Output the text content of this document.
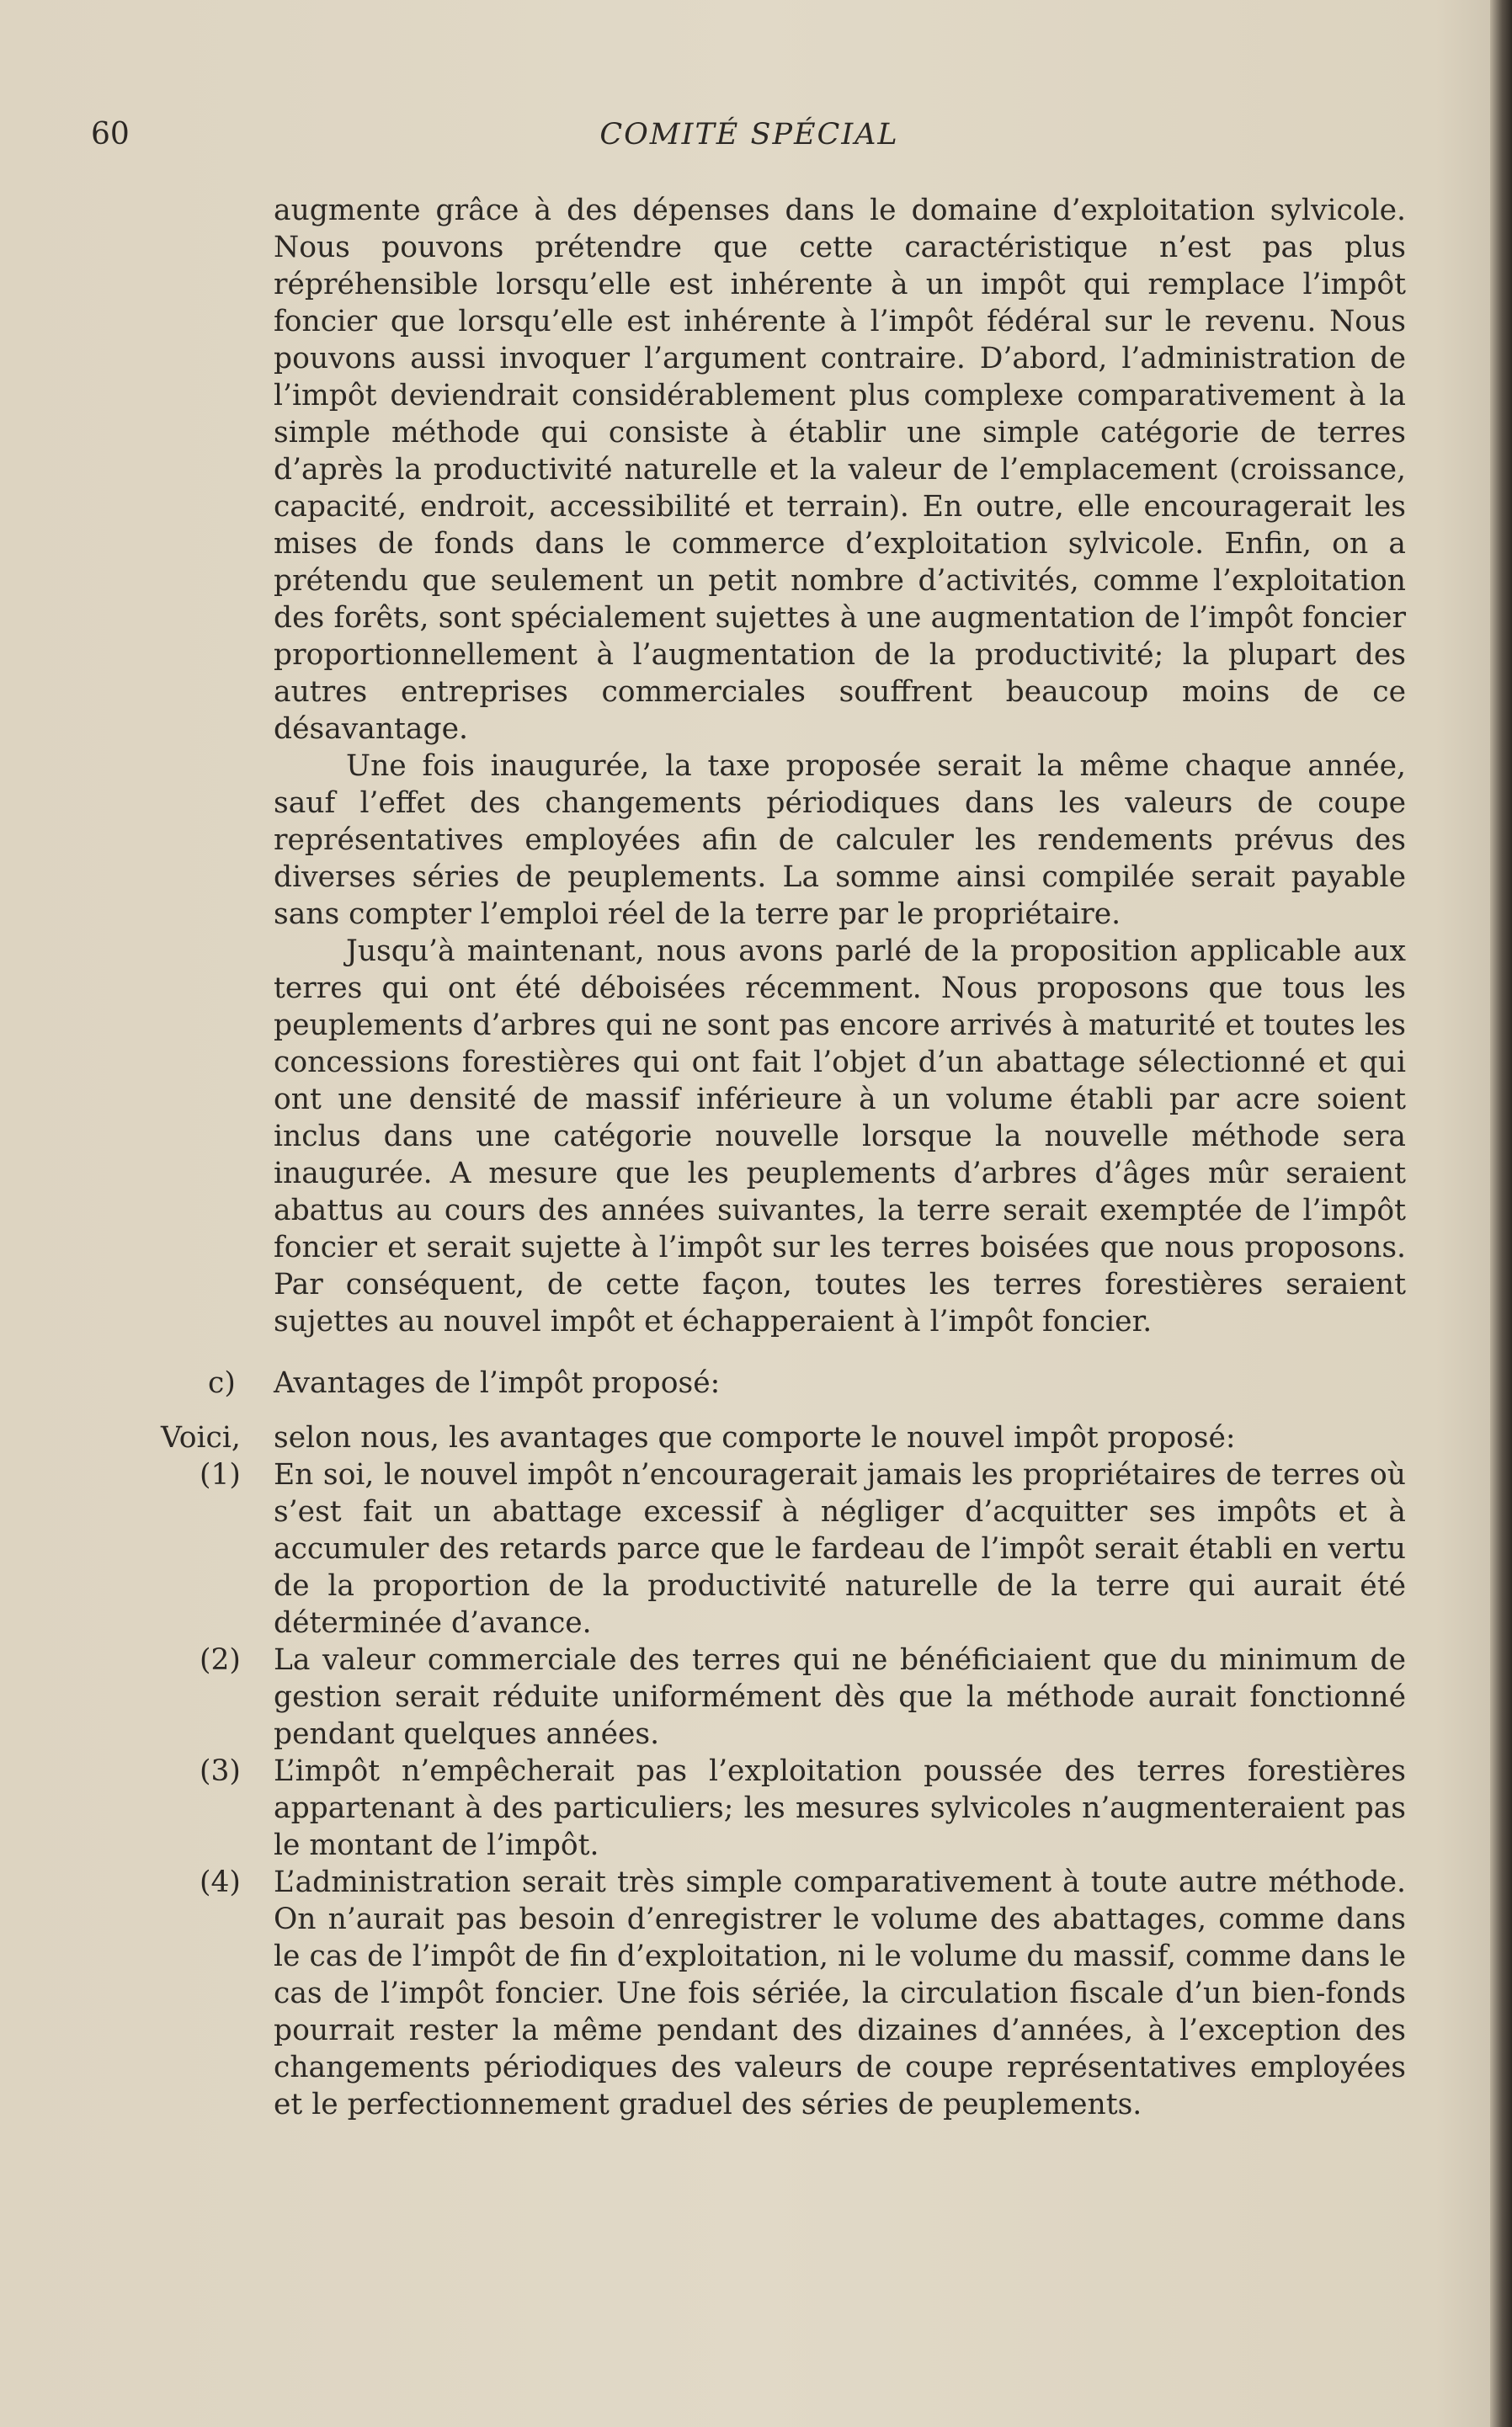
60	COMITÉ SPÉCIAL

augmente grâce à des dépenses dans le domaine d’exploitation sylvicole. Nous pouvons prétendre que cette caractéristique n’est pas plus répréhensible lorsqu’elle est inhérente à un impôt qui remplace l’impôt foncier que lorsqu’elle est inhérente à l’impôt fédéral sur le revenu. Nous pouvons aussi invoquer l’argument contraire. D’abord, l’administration de l’impôt deviendrait considérablement plus complexe comparativement à la simple méthode qui consiste à établir une simple catégorie de terres d’après la productivité naturelle et la valeur de l’emplacement (croissance, capacité, endroit, accessibilité et terrain). En outre, elle encouragerait les mises de fonds dans le commerce d’exploitation sylvicole. Enfin, on a prétendu que seulement un petit nombre d’activités, comme l’exploitation des forêts, sont spécialement sujettes à une augmentation de l’impôt foncier proportionnellement à l’augmentation de la productivité; la plupart des autres entreprises commerciales souffrent beaucoup moins de ce désavantage.

Une fois inaugurée, la taxe proposée serait la même chaque année, sauf l’effet des changements périodiques dans les valeurs de coupe représentatives employées afin de calculer les rendements prévus des diverses séries de peuplements. La somme ainsi compilée serait payable sans compter l’emploi réel de la terre par le propriétaire.

Jusqu’à maintenant, nous avons parlé de la proposition applicable aux terres qui ont été déboisées récemment. Nous proposons que tous les peuplements d’arbres qui ne sont pas encore arrivés à maturité et toutes les concessions forestières qui ont fait l’objet d’un abattage sélectionné et qui ont une densité de massif inférieure à un volume établi par acre soient inclus dans une catégorie nouvelle lorsque la nouvelle méthode sera inaugurée. A mesure que les peuplements d’arbres d’âges mûr seraient abattus au cours des années suivantes, la terre serait exemptée de l’impôt foncier et serait sujette à l’impôt sur les terres boisées que nous proposons. Par conséquent, de cette façon, toutes les terres forestières seraient sujettes au nouvel impôt et échapperaient à l’impôt foncier.

c) Avantages de l’impôt proposé:
Voici, selon nous, les avantages que comporte le nouvel impôt proposé:
(1) En soi, le nouvel impôt n’encouragerait jamais les propriétaires de terres où s’est fait un abattage excessif à négliger d’acquitter ses impôts et à accumuler des retards parce que le fardeau de l’impôt serait établi en vertu de la proportion de la productivité naturelle de la terre qui aurait été déterminée d’avance.
(2) La valeur commerciale des terres qui ne bénéficiaient que du minimum de gestion serait réduite uniformément dès que la méthode aurait fonctionné pendant quelques années.
(3) L’impôt n’empêcherait pas l’exploitation poussée des terres forestières appartenant à des particuliers; les mesures sylvicoles n’augmenteraient pas le montant de l’impôt.
(4) L’administration serait très simple comparativement à toute autre méthode. On n’aurait pas besoin d’enregistrer le volume des abattages, comme dans le cas de l’impôt de fin d’exploitation, ni le volume du massif, comme dans le cas de l’impôt foncier. Une fois sériée, la circulation fiscale d’un bien-fonds pourrait rester la même pendant des dizaines d’années, à l’exception des changements périodiques des valeurs de coupe représentatives employées et le perfectionnement graduel des séries de peuplements.
